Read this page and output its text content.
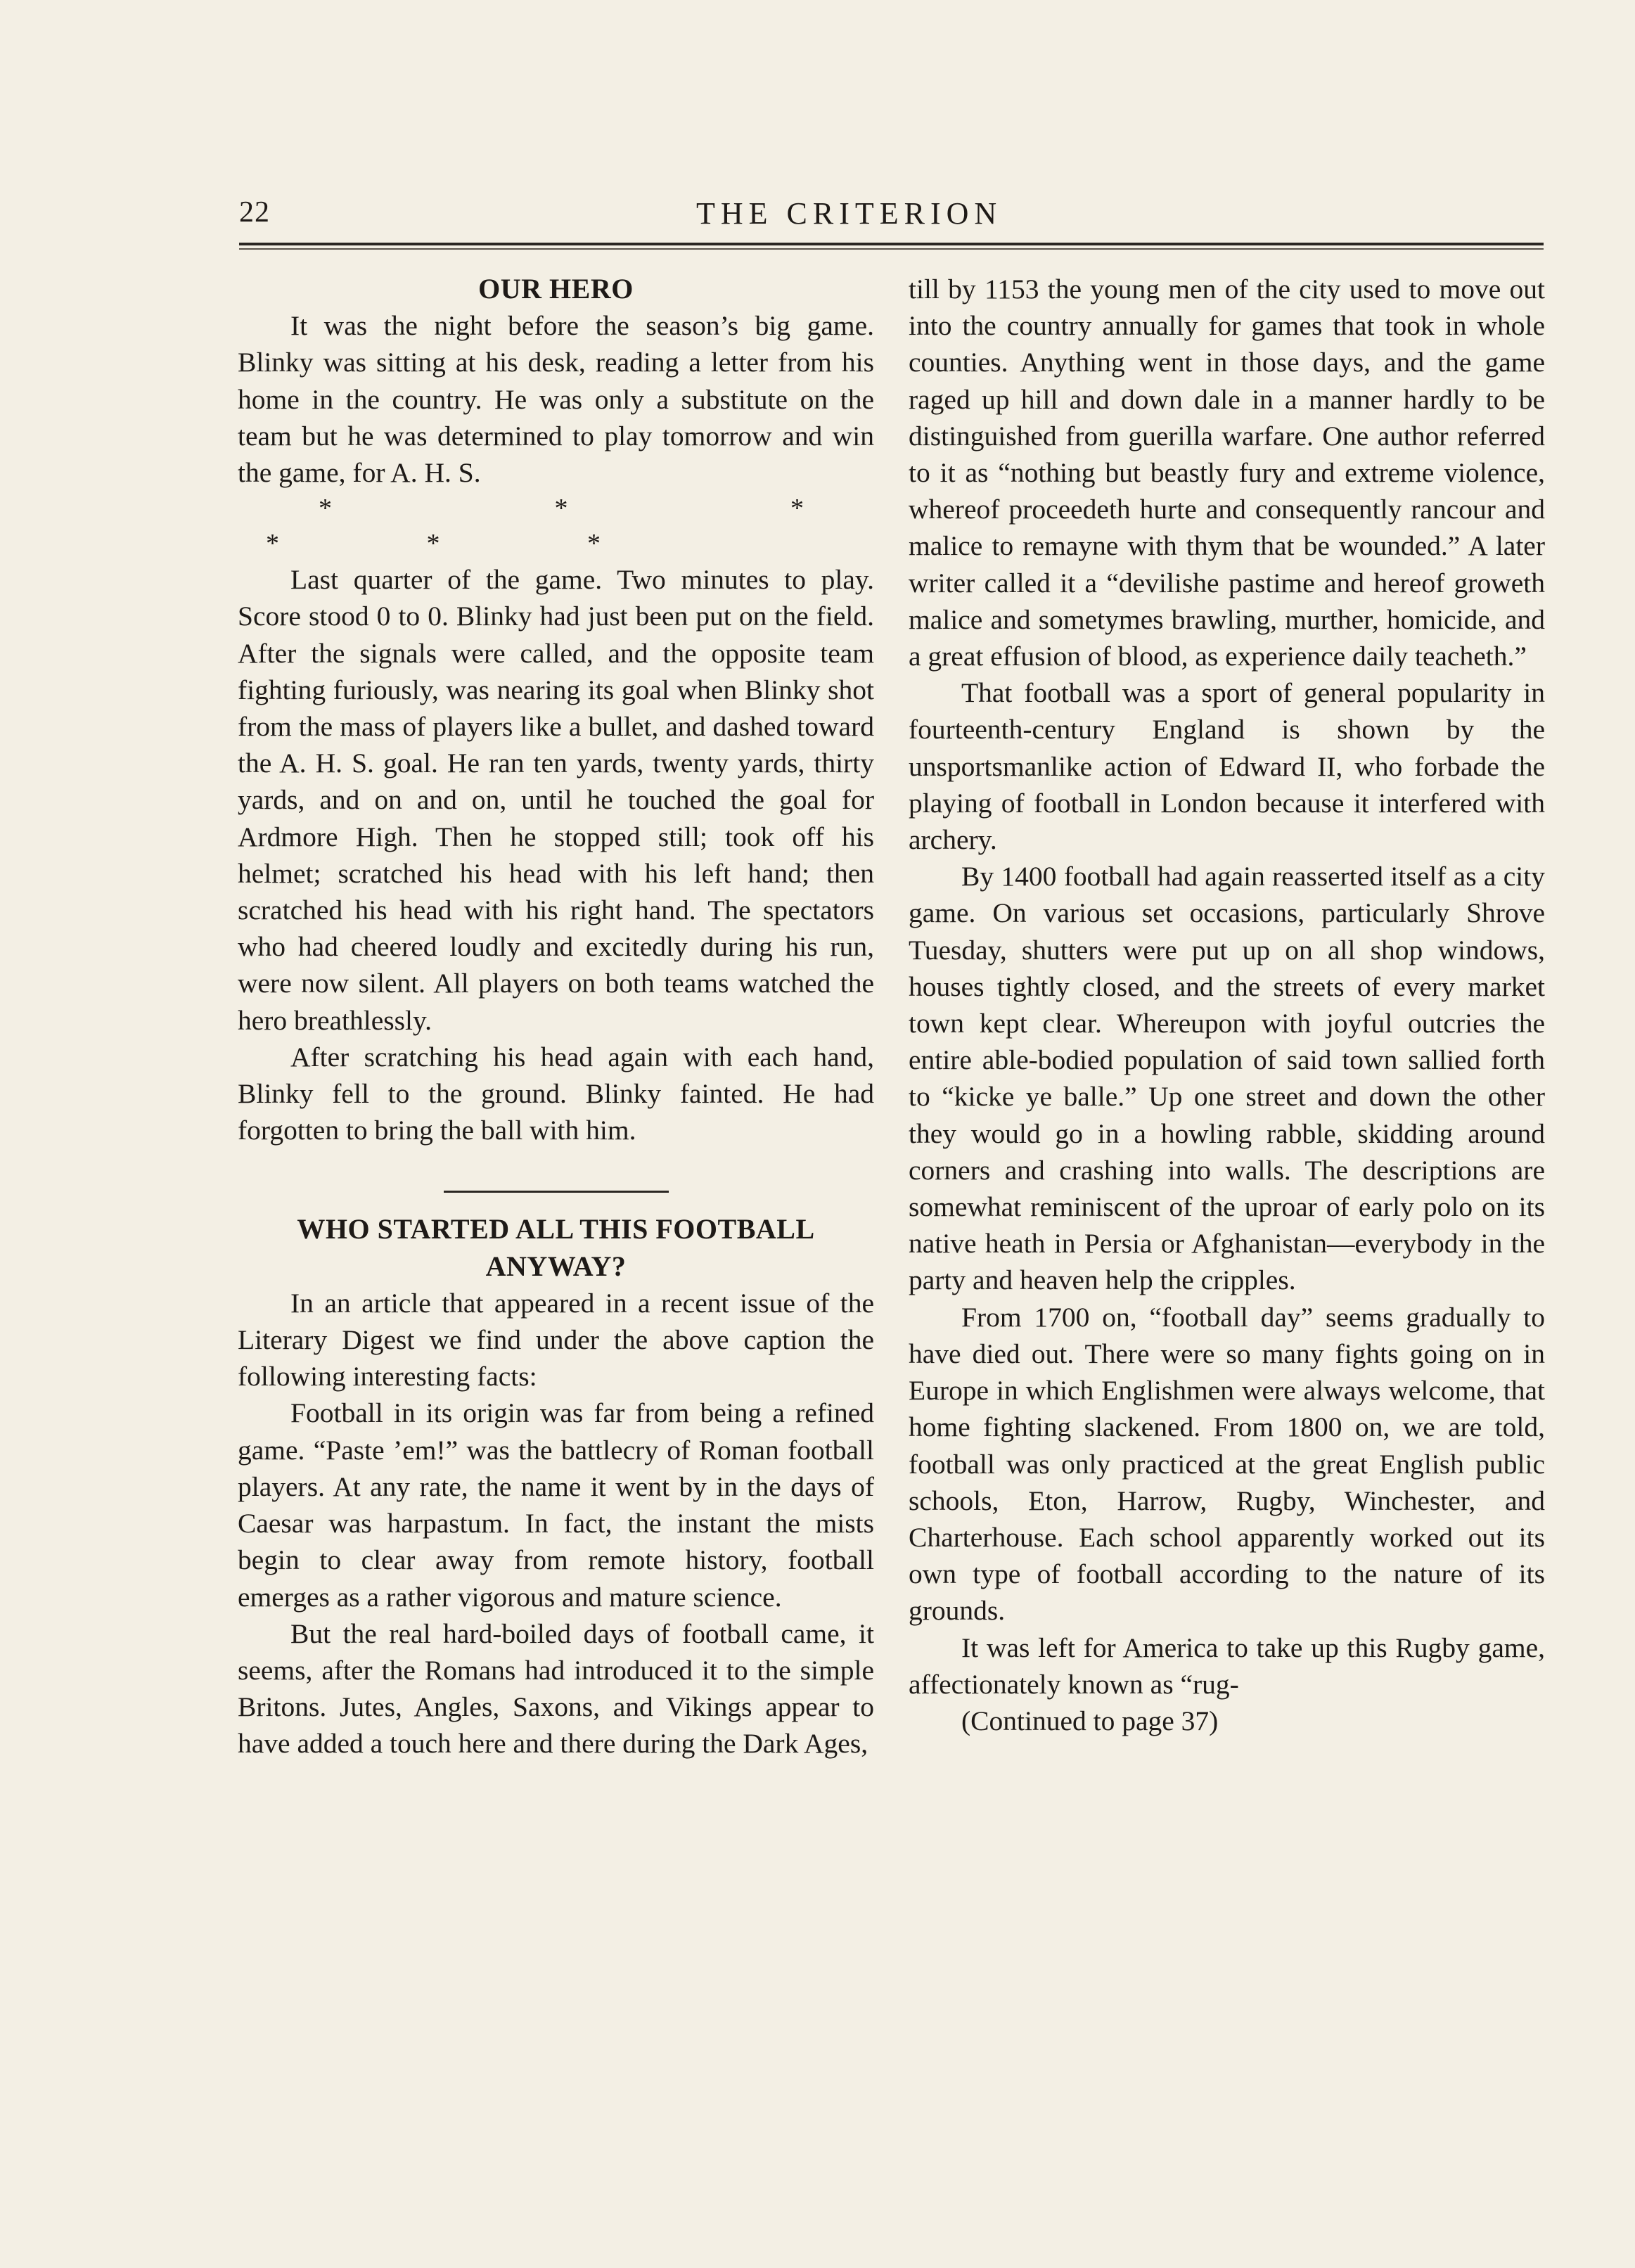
22	THE CRITERION
OUR HERO

It was the night before the season’s big game. Blinky was sitting at his desk, reading a letter from his home in the country. He was only a substitute on the team but he was determined to play tomorrow and win the game, for A. H. S.

* * * * * *

Last quarter of the game. Two minutes to play. Score stood 0 to 0. Blinky had just been put on the field. After the signals were called, and the opposite team fighting furiously, was nearing its goal when Blinky shot from the mass of players like a bullet, and dashed toward the A. H. S. goal. He ran ten yards, twenty yards, thirty yards, and on and on, until he touched the goal for Ardmore High. Then he stopped still; took off his helmet; scratched his head with his left hand; then scratched his head with his right hand. The spectators who had cheered loudly and excitedly during his run, were now silent. All players on both teams watched the hero breathlessly.

After scratching his head again with each hand, Blinky fell to the ground. Blinky fainted. He had forgotten to bring the ball with him.

WHO STARTED ALL THIS FOOTBALL ANYWAY?

In an article that appeared in a recent issue of the Literary Digest we find under the above caption the following interesting facts:

Football in its origin was far from being a refined game. “Paste ’em!” was the battlecry of Roman football players. At any rate, the name it went by in the days of Caesar was harpastum. In fact, the instant the mists begin to clear away from remote history, football emerges as a rather vigorous and mature science.

But the real hard-boiled days of football came, it seems, after the Romans had introduced it to the simple Britons. Jutes, Angles, Saxons, and Vikings appear to have added a touch here and there during the Dark Ages,

till by 1153 the young men of the city used to move out into the country annually for games that took in whole counties. Anything went in those days, and the game raged up hill and down dale in a manner hardly to be distinguished from guerilla warfare. One author referred to it as “nothing but beastly fury and extreme violence, whereof proceedeth hurte and consequently rancour and malice to remayne with thym that be wounded.” A later writer called it a “devilishe pastime and hereof groweth malice and sometymes brawling, murther, homicide, and a great effusion of blood, as experience daily teacheth.”

That football was a sport of general popularity in fourteenth-century England is shown by the unsportsmanlike action of Edward II, who forbade the playing of football in London because it interfered with archery.

By 1400 football had again reasserted itself as a city game. On various set occasions, particularly Shrove Tuesday, shutters were put up on all shop windows, houses tightly closed, and the streets of every market town kept clear. Whereupon with joyful outcries the entire able-bodied population of said town sallied forth to “kicke ye balle.” Up one street and down the other they would go in a howling rabble, skidding around corners and crashing into walls. The descriptions are somewhat reminiscent of the uproar of early polo on its native heath in Persia or Afghanistan—everybody in the party and heaven help the cripples.

From 1700 on, “football day” seems gradually to have died out. There were so many fights going on in Europe in which Englishmen were always welcome, that home fighting slackened. From 1800 on, we are told, football was only practiced at the great English public schools, Eton, Harrow, Rugby, Winchester, and Charterhouse. Each school apparently worked out its own type of football according to the nature of its grounds.

It was left for America to take up this Rugby game, affectionately known as “rug-

(Continued to page 37)
